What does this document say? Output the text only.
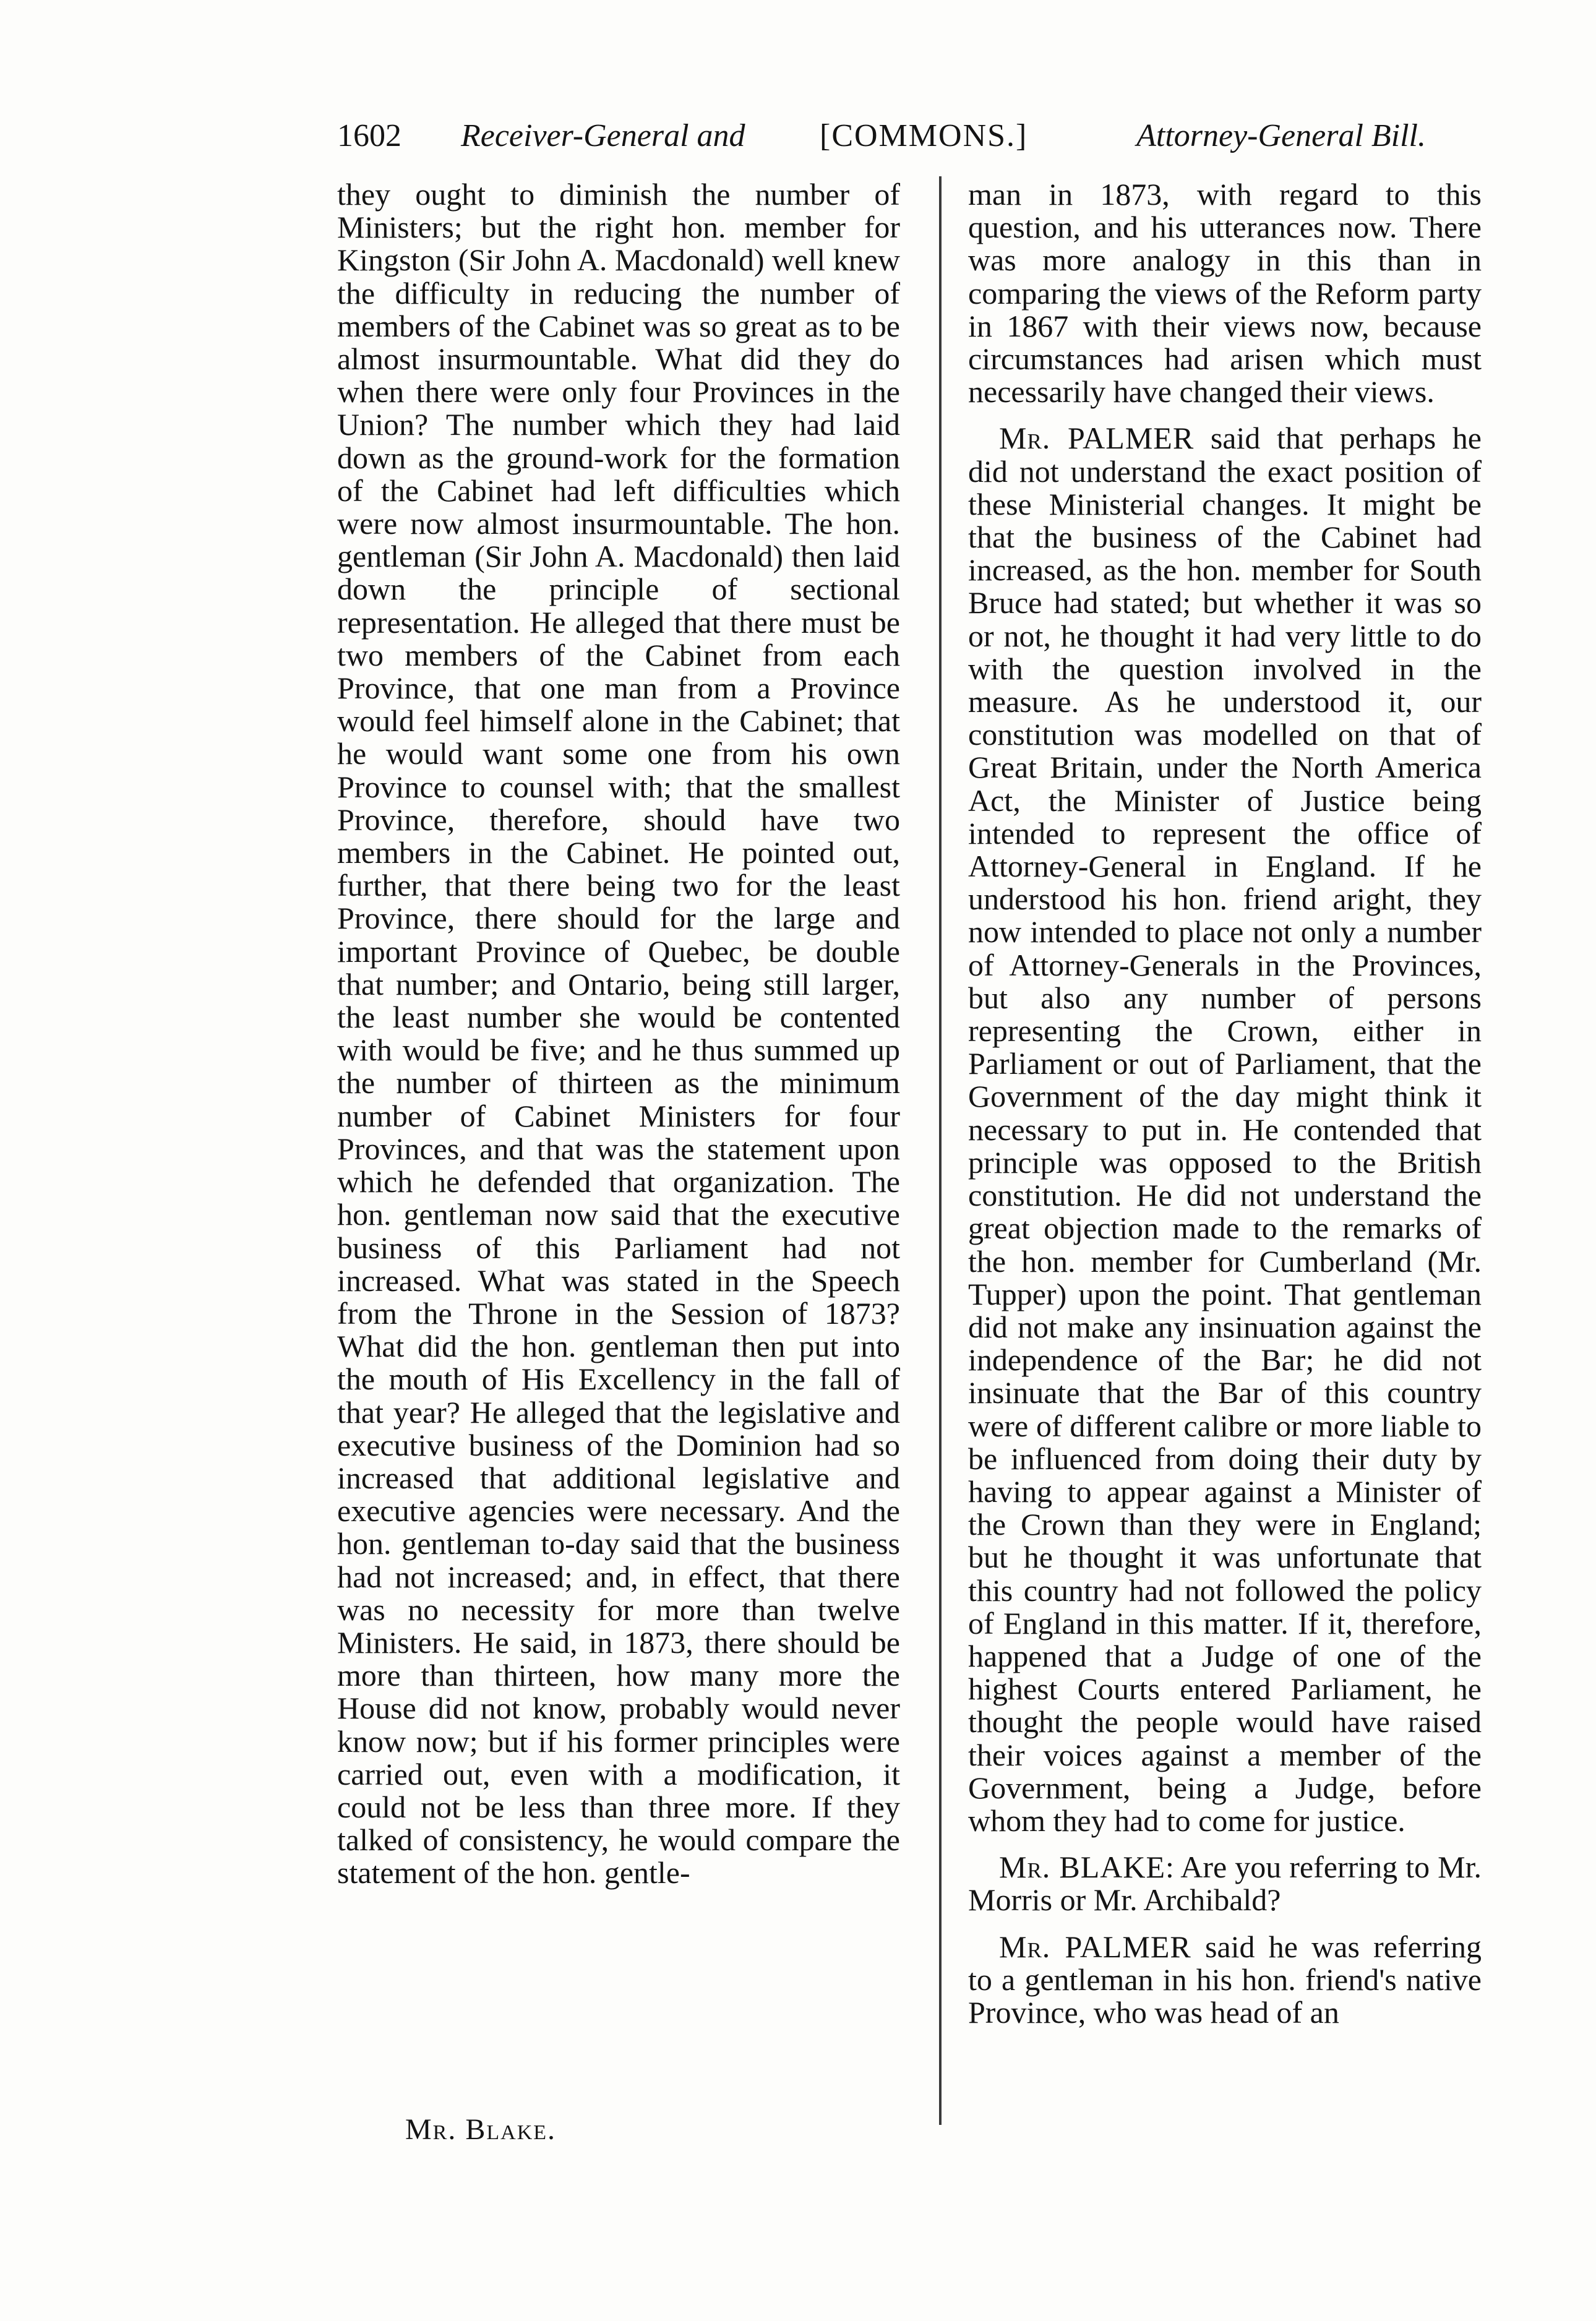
1602 Receiver-General and [COMMONS.]	Attorney-General Bill.

they ought to diminish the number of Ministers; but the right hon. member for Kingston (Sir John A. Macdonald) well knew the difficulty in reducing the number of members of the Cabinet was so great as to be almost insurmountable. What did they do when there were only four Provinces in the Union? The number which they had laid down as the ground-work for the formation of the Cabinet had left difficulties which were now almost insurmountable. The hon. gentleman (Sir John A. Macdonald) then laid down the principle of sectional representation. He alleged that there must be two members of the Cabinet from each Province, that one man from a Province would feel himself alone in the Cabinet; that he would want some one from his own Province to counsel with; that the smallest Province, therefore, should have two members in the Cabinet. He pointed out, further, that there being two for the least Province, there should for the large and important Province of Quebec, be double that number; and Ontario, being still larger, the least number she would be contented with would be five; and he thus summed up the number of thirteen as the minimum number of Cabinet Ministers for four Provinces, and that was the statement upon which he defended that organization. The hon. gentleman now said that the executive business of this Parliament had not increased. What was stated in the Speech from the Throne in the Session of 1873? What did the hon. gentleman then put into the mouth of His Excellency in the fall of that year? He alleged that the legislative and executive business of the Dominion had so increased that additional legislative and executive agencies were necessary. And the hon. gentleman to-day said that the business had not increased; and, in effect, that there was no necessity for more than twelve Ministers. He said, in 1873, there should be more than thirteen, how many more the House did not know, probably would never know now; but if his former principles were carried out, even with a modification, it could not be less than three more. If they talked of consistency, he would compare the statement of the hon. gentle-

man in 1873, with regard to this question, and his utterances now. There was more analogy in this than in comparing the views of the Reform party in 1867 with their views now, because circumstances had arisen which must necessarily have changed their views.

Mr. PALMER said that perhaps he did not understand the exact position of these Ministerial changes. It might be that the business of the Cabinet had increased, as the hon. member for South Bruce had stated; but whether it was so or not, he thought it had very little to do with the question involved in the measure. As he understood it, our constitution was modelled on that of Great Britain, under the North America Act, the Minister of Justice being intended to represent the office of Attorney-General in England. If he understood his hon. friend aright, they now intended to place not only a number of Attorney-Generals in the Provinces, but also any number of persons representing the Crown, either in Parliament or out of Parliament, that the Government of the day might think it necessary to put in. He contended that principle was opposed to the British constitution. He did not understand the great objection made to the remarks of the hon. member for Cumberland (Mr. Tupper) upon the point. That gentleman did not make any insinuation against the independence of the Bar; he did not insinuate that the Bar of this country were of different calibre or more liable to be influenced from doing their duty by having to appear against a Minister of the Crown than they were in England; but he thought it was unfortunate that this country had not followed the policy of England in this matter. If it, therefore, happened that a Judge of one of the highest Courts entered Parliament, he thought the people would have raised their voices against a member of the Government, being a Judge, before whom they had to come for justice.

Mr. BLAKE: Are you referring to Mr. Morris or Mr. Archibald?

Mr. PALMER said he was referring to a gentleman in his hon. friend's native Province, who was head of an

Mr. Blake.
